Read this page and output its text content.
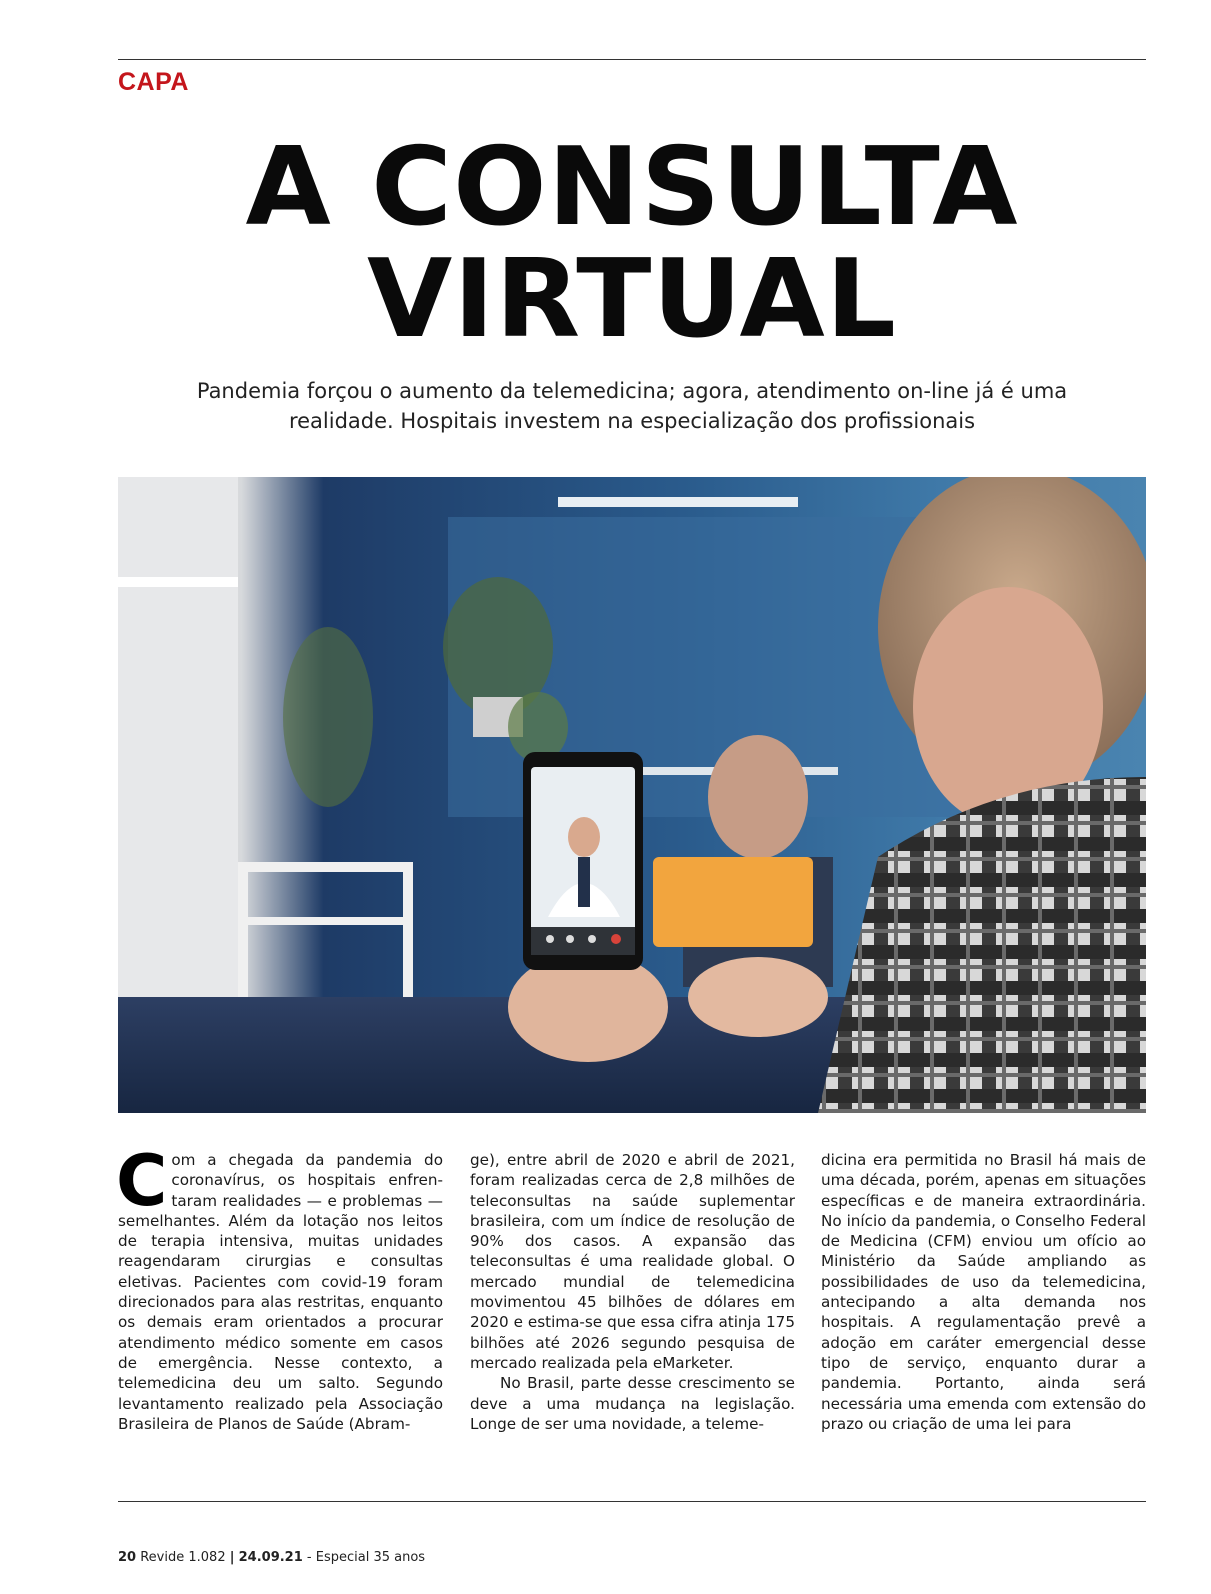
CAPA
A CONSULTA
VIRTUAL
Pandemia forçou o aumento da telemedicina; agora, atendimento on-line já é uma
realidade. Hospitais investem na especialização dos profissionais
C om a chegada da pandemia do coronavírus, os hospitais enfrentaram realidades — e problemas — semelhantes. Além da lotação nos leitos de terapia intensiva, muitas unidades reagendaram cirurgias e consultas eletivas. Pacientes com covid-19 foram direcionados para alas restritas, enquanto os demais eram orientados a procurar atendimento médico somente em casos de emergência. Nesse contexto, a telemedicina deu um salto. Segundo levantamento realizado pela Associação Brasileira de Planos de Saúde (Abram-

ge), entre abril de 2020 e abril de 2021, foram realizadas cerca de 2,8 milhões de teleconsultas na saúde suplementar brasileira, com um índice de resolução de 90% dos casos. A expansão das teleconsultas é uma realidade global. O mercado mundial de telemedicina movimentou 45 bilhões de dólares em 2020 e estima-se que essa cifra atinja 175 bilhões até 2026 segundo pesquisa de mercado realizada pela eMarketer.

No Brasil, parte desse crescimento se deve a uma mudança na legislação. Longe de ser uma novidade, a teleme-

dicina era permitida no Brasil há mais de uma década, porém, apenas em situações específicas e de maneira extraordinária. No início da pandemia, o Conselho Federal de Medicina (CFM) enviou um ofício ao Ministério da Saúde ampliando as possibilidades de uso da telemedicina, antecipando a alta demanda nos hospitais. A regulamentação prevê a adoção em caráter emergencial desse tipo de serviço, enquanto durar a pandemia. Portanto, ainda será necessária uma emenda com extensão do prazo ou criação de uma lei para

20 Revide 1.082 | 24.09.21 - Especial 35 anos
